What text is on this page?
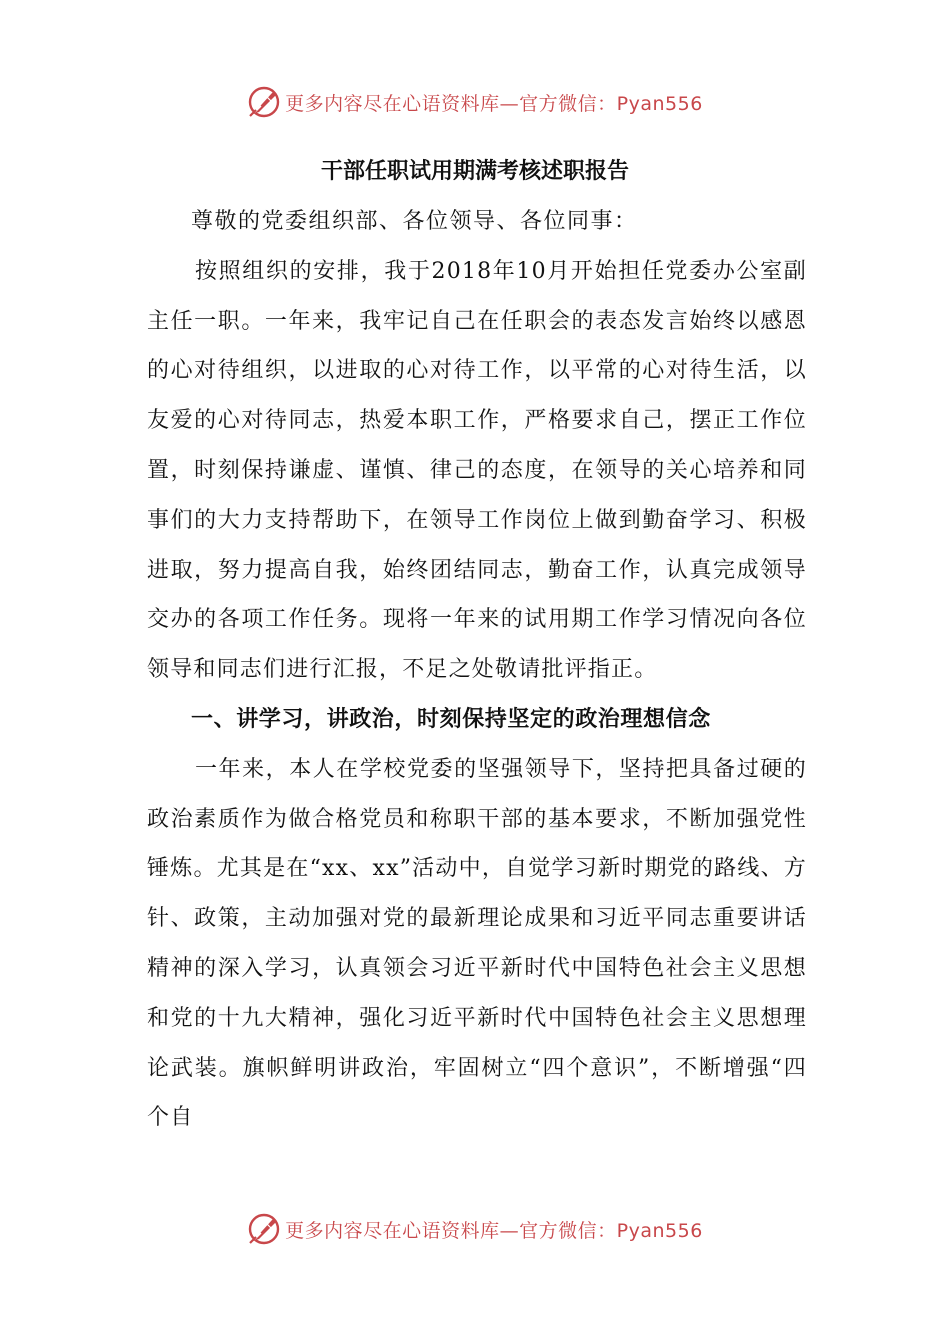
更多内容尽在心语资料库—官方微信：Pyan556
干部任职试用期满考核述职报告

尊敬的党委组织部、各位领导、各位同事：

按照组织的安排，我于2018年10月开始担任党委办公室副主任一职。一年来，我牢记自己在任职会的表态发言始终以感恩的心对待组织，以进取的心对待工作，以平常的心对待生活，以友爱的心对待同志，热爱本职工作，严格要求自己，摆正工作位置，时刻保持谦虚、谨慎、律己的态度，在领导的关心培养和同事们的大力支持帮助下，在领导工作岗位上做到勤奋学习、积极进取，努力提高自我，始终团结同志，勤奋工作，认真完成领导交办的各项工作任务。现将一年来的试用期工作学习情况向各位领导和同志们进行汇报，不足之处敬请批评指正。

一、讲学习，讲政治，时刻保持坚定的政治理想信念

一年来，本人在学校党委的坚强领导下，坚持把具备过硬的政治素质作为做合格党员和称职干部的基本要求，不断加强党性锤炼。尤其是在“xx、xx”活动中，自觉学习新时期党的路线、方针、政策，主动加强对党的最新理论成果和习近平同志重要讲话精神的深入学习，认真领会习近平新时代中国特色社会主义思想和党的十九大精神，强化习近平新时代中国特色社会主义思想理论武装。旗帜鲜明讲政治，牢固树立“四个意识”，不断增强“四个自

更多内容尽在心语资料库—官方微信：Pyan556
